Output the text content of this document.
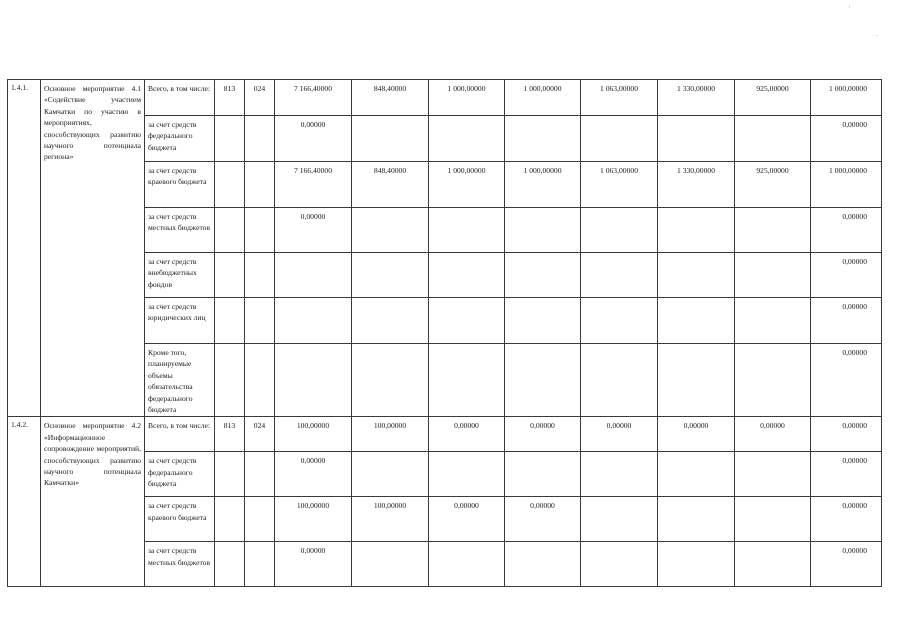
'
.
1.4.1.	Основное мероприятие 4.1 «Содействие участием Камчатки по участию в мероприятиях, способствующих развитию научного потенциала региона»	Всего, в том числе:	813	024	7 166,40000	848,40000	1 000,00000	1 000,00000	1 063,00000	1 330,00000	925,00000	1 000,00000
		за счет средств федерального бюджета			0,00000							0,00000
		за счет средств краевого бюджета			7 166,40000	848,40000	1 000,00000	1 000,00000	1 063,00000	1 330,00000	925,00000	1 000,00000
		за счет средств местных бюджетов			0,00000							0,00000
		за счет средств внебюджетных фондов										0,00000
		за счет средств юридических лиц										0,00000
		Кроме того, планируемые объемы обязательства федерального бюджета										0,00000
1.4.2.	Основное мероприятие 4.2 «Информационное сопровождение мероприятий, способствующих развитию научного потенциала Камчатки»	Всего, в том числе:	813	024	100,00000	100,00000	0,00000	0,00000	0,00000	0,00000	0,00000	0,00000
		за счет средств федерального бюджета			0,00000							0,00000
		за счет средств краевого бюджета			100,00000	100,00000	0,00000	0,00000				0,00000
		за счет средств местных бюджетов			0,00000							0,00000
